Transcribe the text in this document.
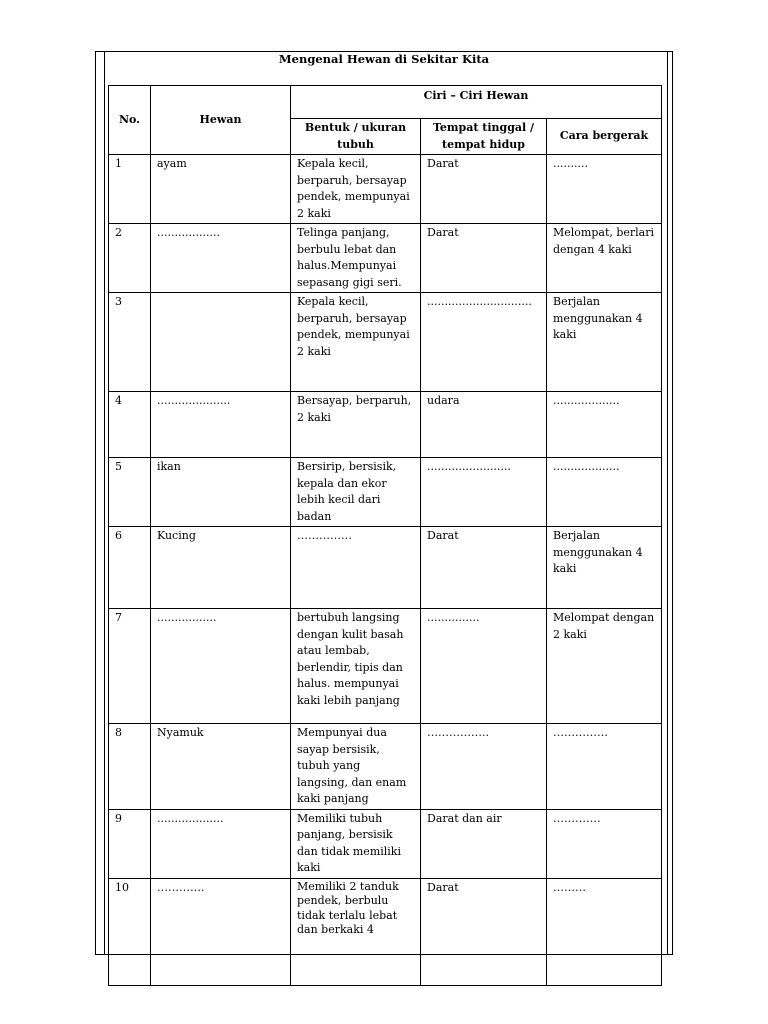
Mengenal Hewan di Sekitar Kita
No.	Hewan	Ciri – Ciri Hewan		
		Bentuk / ukuran tubuh	Tempat tinggal / tempat hidup	Cara bergerak
1	ayam	Kepala kecil, berparuh, bersayap pendek, mempunyai 2 kaki	Darat	..........
2	..................	Telinga panjang, berbulu lebat dan halus.Mempunyai sepasang gigi seri.	Darat	Melompat, berlari dengan 4 kaki
3		Kepala kecil, berparuh, bersayap pendek, mempunyai 2 kaki	..............................	Berjalan menggunakan 4 kaki
4	.....................	Bersayap, berparuh, 2 kaki	udara	...................
5	ikan	Bersirip, bersisik, kepala dan ekor lebih kecil dari badan	........................	...................
6	Kucing	……………	Darat	Berjalan menggunakan 4 kaki
7	.................	bertubuh langsing dengan kulit basah atau lembab, berlendir, tipis dan halus. mempunyai kaki lebih panjang	...............	Melompat dengan 2 kaki
8	Nyamuk	Mempunyai dua sayap bersisik, tubuh yang langsing, dan enam kaki panjang	……………..	……………
9	...................	Memiliki tubuh panjang, bersisik dan tidak memiliki kaki	Darat dan air	………….
10	………….	Memiliki 2 tanduk pendek, berbulu tidak terlalu lebat dan berkaki 4	Darat	………
